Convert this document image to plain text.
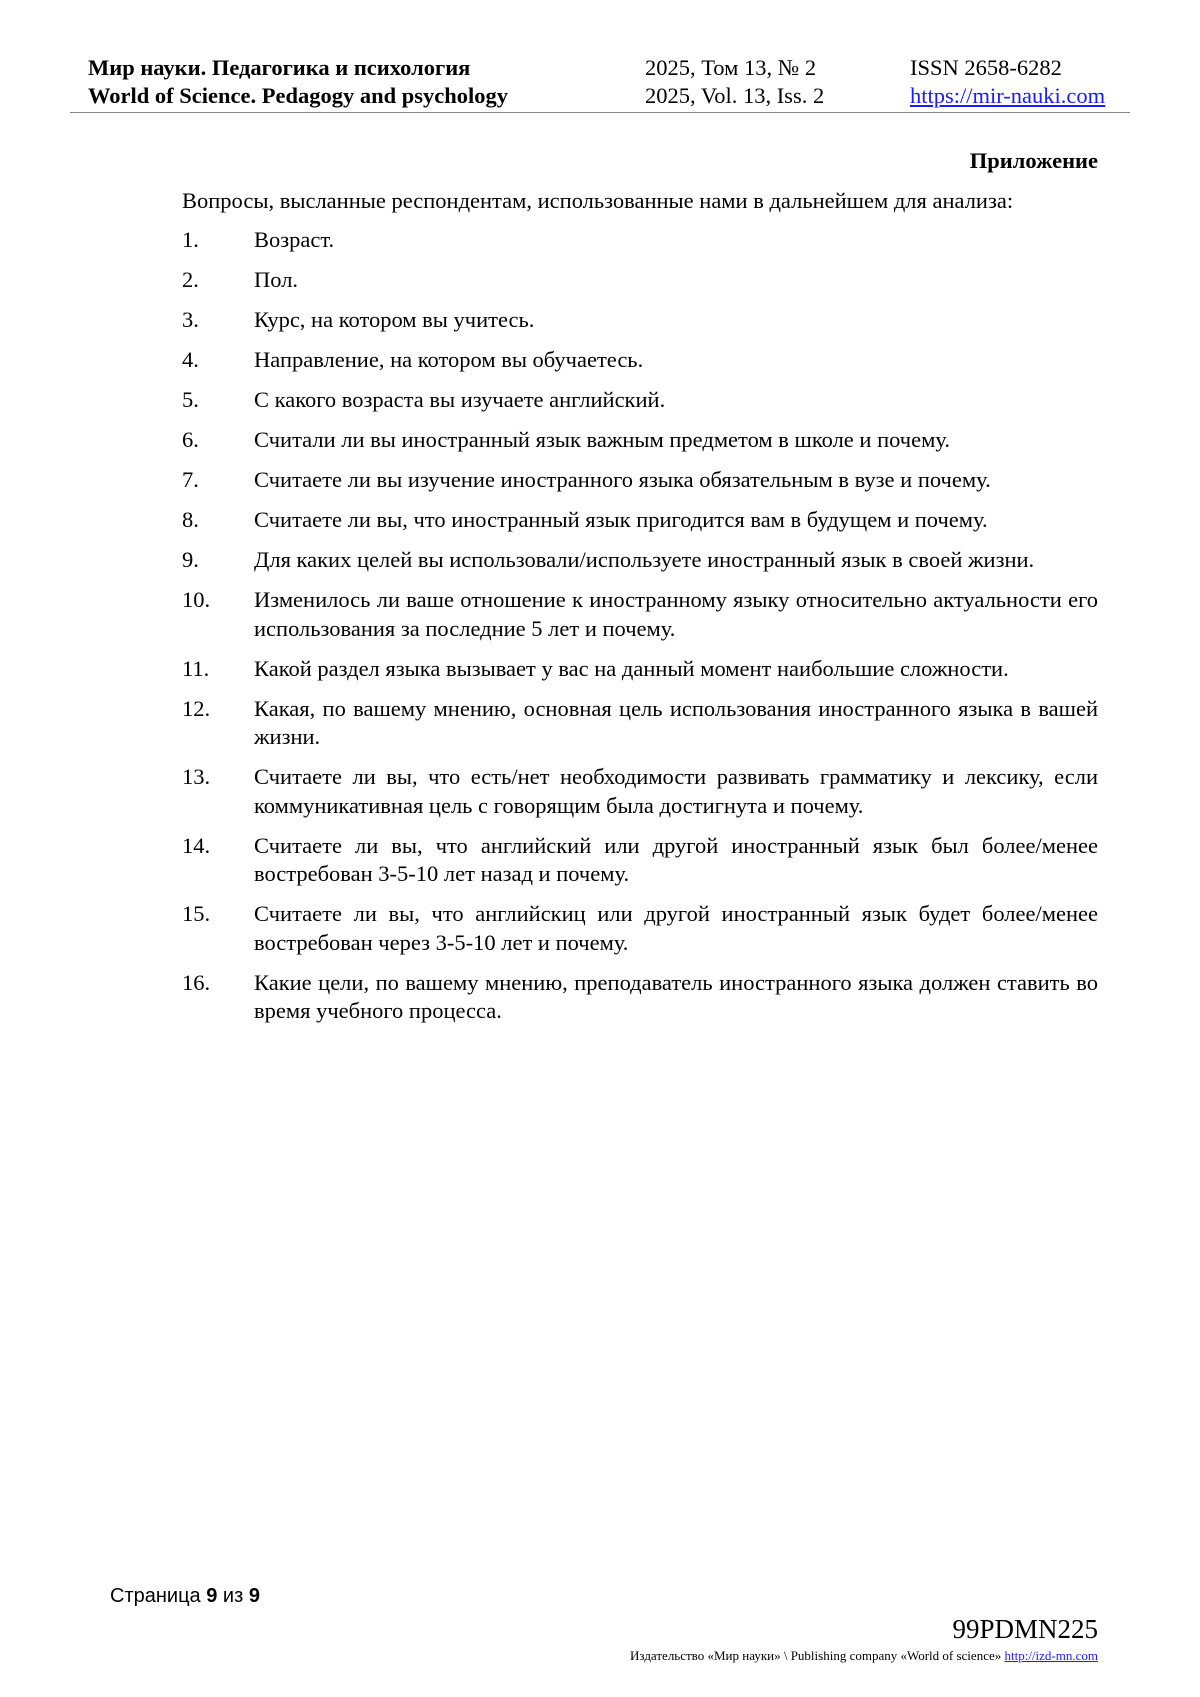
Мир науки. Педагогика и психология
World of Science. Pedagogy and psychology
2025, Том 13, № 2
2025, Vol. 13, Iss. 2
ISSN 2658-6282
https://mir-nauki.com
Приложение
Вопросы, высланные респондентам, использованные нами в дальнейшем для анализа:
1. Возраст.
2. Пол.
3. Курс, на котором вы учитесь.
4. Направление, на котором вы обучаетесь.
5. С какого возраста вы изучаете английский.
6. Считали ли вы иностранный язык важным предметом в школе и почему.
7. Считаете ли вы изучение иностранного языка обязательным в вузе и почему.
8. Считаете ли вы, что иностранный язык пригодится вам в будущем и почему.
9. Для каких целей вы использовали/используете иностранный язык в своей жизни.
10. Изменилось ли ваше отношение к иностранному языку относительно актуальности его использования за последние 5 лет и почему.
11. Какой раздел языка вызывает у вас на данный момент наибольшие сложности.
12. Какая, по вашему мнению, основная цель использования иностранного языка в вашей жизни.
13. Считаете ли вы, что есть/нет необходимости развивать грамматику и лексику, если коммуникативная цель с говорящим была достигнута и почему.
14. Считаете ли вы, что английский или другой иностранный язык был более/менее востребован 3-5-10 лет назад и почему.
15. Считаете ли вы, что английскиц или другой иностранный язык будет более/менее востребован через 3-5-10 лет и почему.
16. Какие цели, по вашему мнению, преподаватель иностранного языка должен ставить во время учебного процесса.
Страница 9 из 9
99PDMN225
Издательство «Мир науки» \ Publishing company «World of science» http://izd-mn.com
